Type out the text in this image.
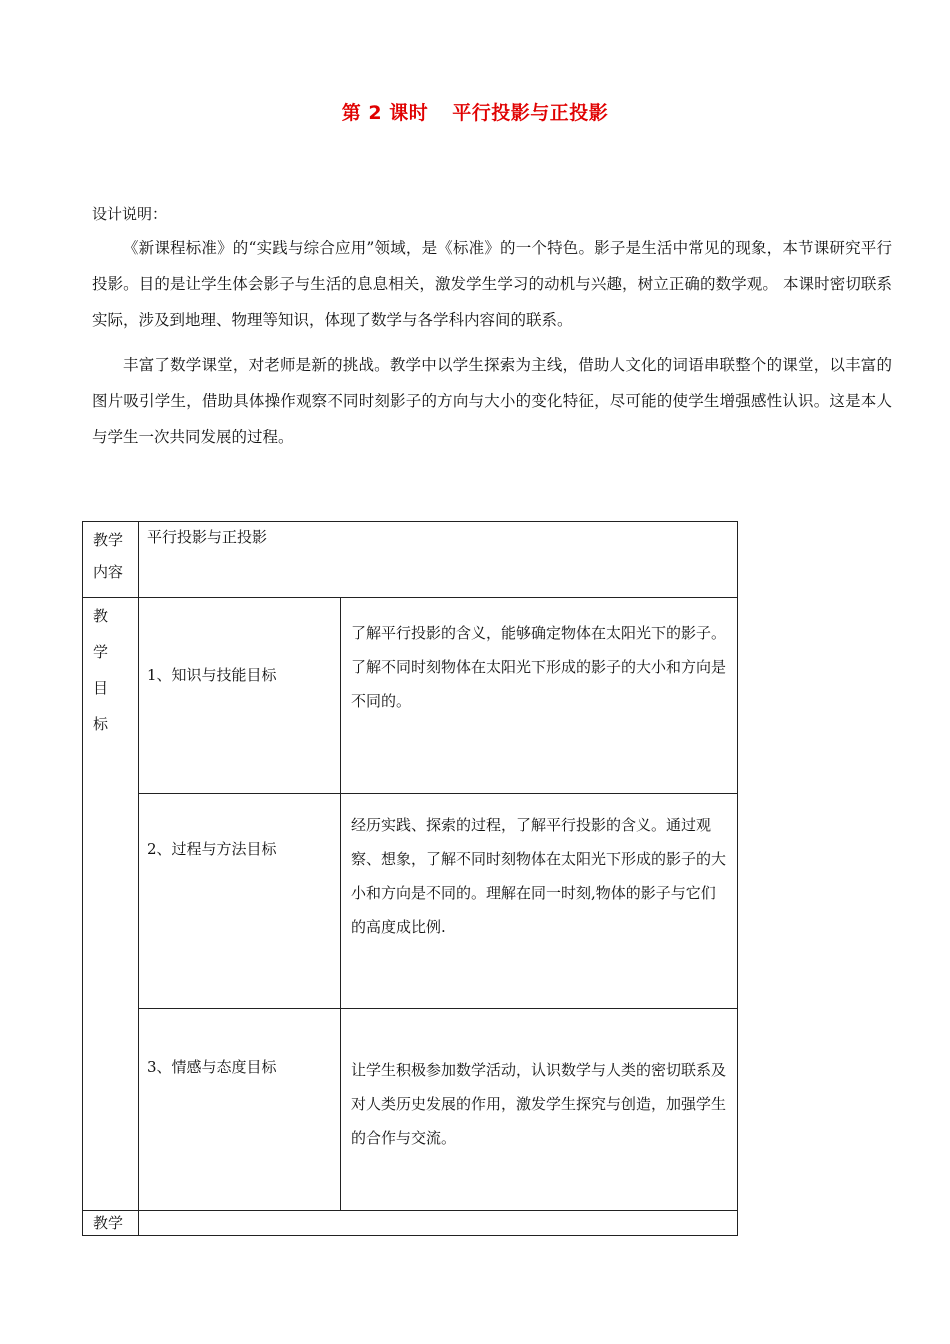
第 2 课时 平行投影与正投影
设计说明：
《新课程标准》的“实践与综合应用”领域，是《标准》的一个特色。影子是生活中常见的现象，本节课研究平行投影。目的是让学生体会影子与生活的息息相关，激发学生学习的动机与兴趣，树立正确的数学观。 本课时密切联系实际，涉及到地理、物理等知识，体现了数学与各学科内容间的联系。
丰富了数学课堂，对老师是新的挑战。教学中以学生探索为主线，借助人文化的词语串联整个的课堂，以丰富的图片吸引学生，借助具体操作观察不同时刻影子的方向与大小的变化特征，尽可能的使学生增强感性认识。这是本人与学生一次共同发展的过程。
教学
内容	平行投影与正投影	

教
学
目
标	1、知识与技能目标	了解平行投影的含义，能够确定物体在太阳光下的影子。了解不同时刻物体在太阳光下形成的影子的大小和方向是不同的。

	2、过程与方法目标	经历实践、探索的过程，了解平行投影的含义。通过观察、想象，了解不同时刻物体在太阳光下形成的影子的大小和方向是不同的。理解在同一时刻,物体的影子与它们的高度成比例.

	3、情感与态度目标	让学生积极参加数学活动，认识数学与人类的密切联系及对人类历史发展的作用，激发学生探究与创造，加强学生的合作与交流。

教学		
